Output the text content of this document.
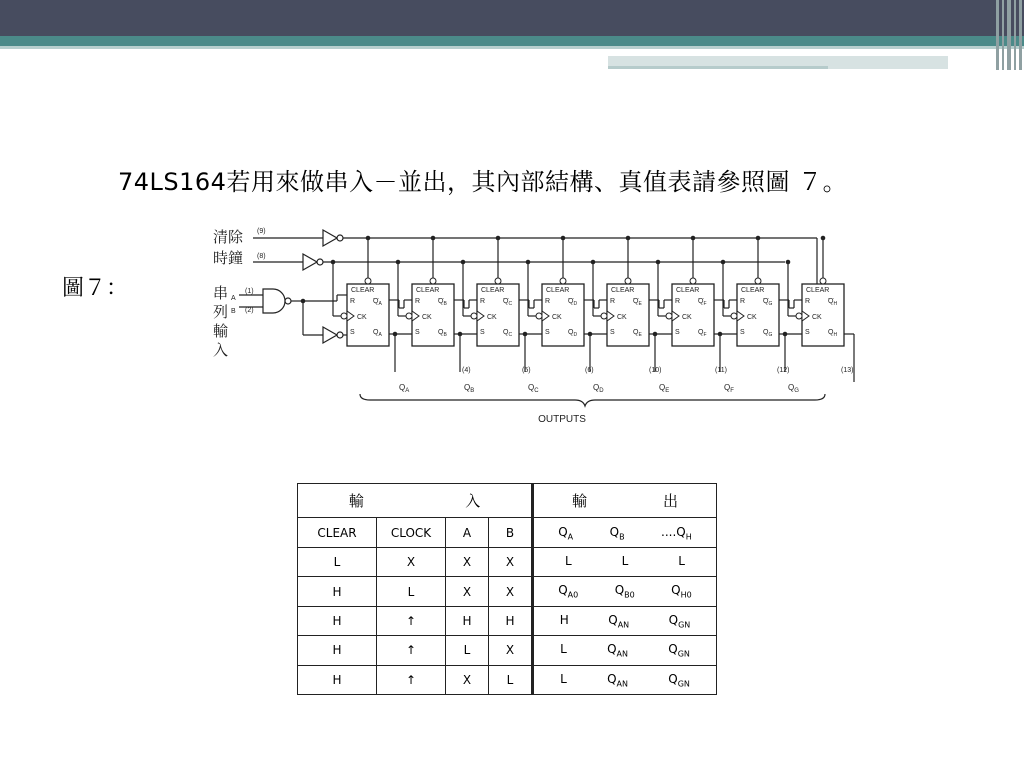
74LS164若用來做串入－並出，其內部結構、真值表請參照圖 ７。
圖７：
清除
時鐘
串
列
輸
入
(9)
(8)
(1)
(2)
A
B
CLEAR
R	$Q_A$
CK
S	$Q_A$
CLEAR
R	$Q_B$
CK
S	$Q_B$
CLEAR
R	$Q_C$
CK
S	$Q_C$
CLEAR
R	$Q_D$
CK
S	$Q_D$
CLEAR
R	$Q_E$
CK
S	$Q_E$
CLEAR
R	$Q_F$
CK
S	$Q_F$
CLEAR
R	$Q_G$
CK
S	$Q_G$
CLEAR
R	$Q_H$
CK
S	$Q_H$
(4)	(5)	(6)	(10)	(11)	(12)	(13)
$Q_A$	$Q_B$	$Q_C$	$Q_D$	$Q_E$	$Q_F$	$Q_G$
OUTPUTS
輸 入				輸 出

CLEAR	CLOCK	A	B	$Q_A$ $Q_B$ $....Q_H$

L	X	X	X	L L L

H	L	X	X	$Q_{A0}$ $Q_{B0}$ $Q_{H0}$

H	↑	H	H	H $Q_{AN}$ $Q_{GN}$

H	↑	L	X	L $Q_{AN}$ $Q_{GN}$

H	↑	X	L	L $Q_{AN}$ $Q_{GN}$
